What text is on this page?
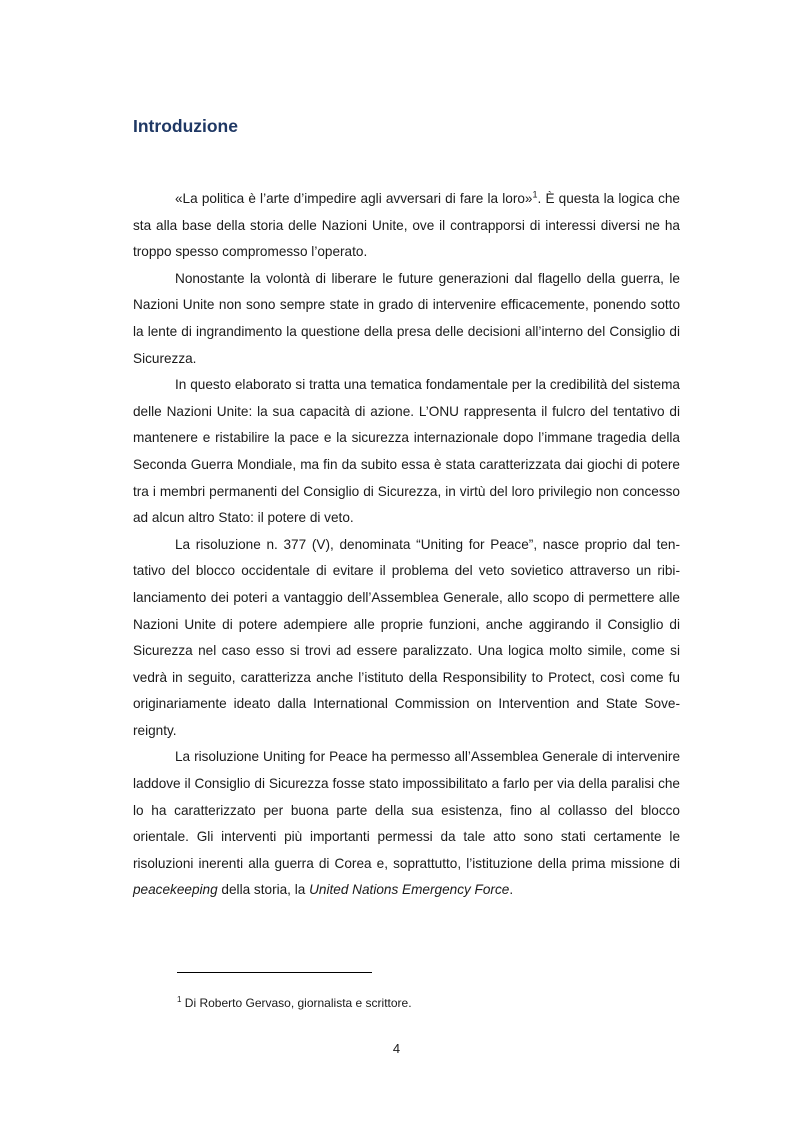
Introduzione

«La politica è l’arte d’impedire agli avversari di fare la loro»$^1$. È questa la logica che sta alla base della storia delle Nazioni Unite, ove il contrapporsi di interessi diversi ne ha troppo spesso compromesso l’operato.

Nonostante la volontà di liberare le future generazioni dal flagello della guerra, le Nazioni Unite non sono sempre state in grado di intervenire efficacemente, ponendo sotto la lente di ingrandimento la questione della presa delle decisioni all’interno del Consiglio di Sicurezza.

In questo elaborato si tratta una tematica fondamentale per la credibilità del sistema delle Nazioni Unite: la sua capacità di azione. L’ONU rappresenta il fulcro del tentativo di mantenere e ristabilire la pace e la sicurezza internazionale dopo l’immane tragedia della Seconda Guerra Mondiale, ma fin da subito essa è stata caratterizzata dai giochi di potere tra i membri permanenti del Consiglio di Sicurezza, in virtù del loro privilegio non concesso ad alcun altro Stato: il potere di veto.

La risoluzione n. 377 (V), denominata “Uniting for Peace”, nasce proprio dal tentativo del blocco occidentale di evitare il problema del veto sovietico attraverso un ribilanciamento dei poteri a vantaggio dell’Assemblea Generale, allo scopo di permettere alle Nazioni Unite di potere adempiere alle proprie funzioni, anche aggirando il Consiglio di Sicurezza nel caso esso si trovi ad essere paralizzato. Una logica molto simile, come si vedrà in seguito, caratterizza anche l’istituto della Responsibility to Protect, così come fu originariamente ideato dalla International Commission on Intervention and State Sovereignty.

La risoluzione Uniting for Peace ha permesso all’Assemblea Generale di intervenire laddove il Consiglio di Sicurezza fosse stato impossibilitato a farlo per via della paralisi che lo ha caratterizzato per buona parte della sua esistenza, fino al collasso del blocco orientale. Gli interventi più importanti permessi da tale atto sono stati certamente le risoluzioni inerenti alla guerra di Corea e, soprattutto, l’istituzione della prima missione di peacekeeping della storia, la United Nations Emergency Force.

$^1$ Di Roberto Gervaso, giornalista e scrittore.
4
